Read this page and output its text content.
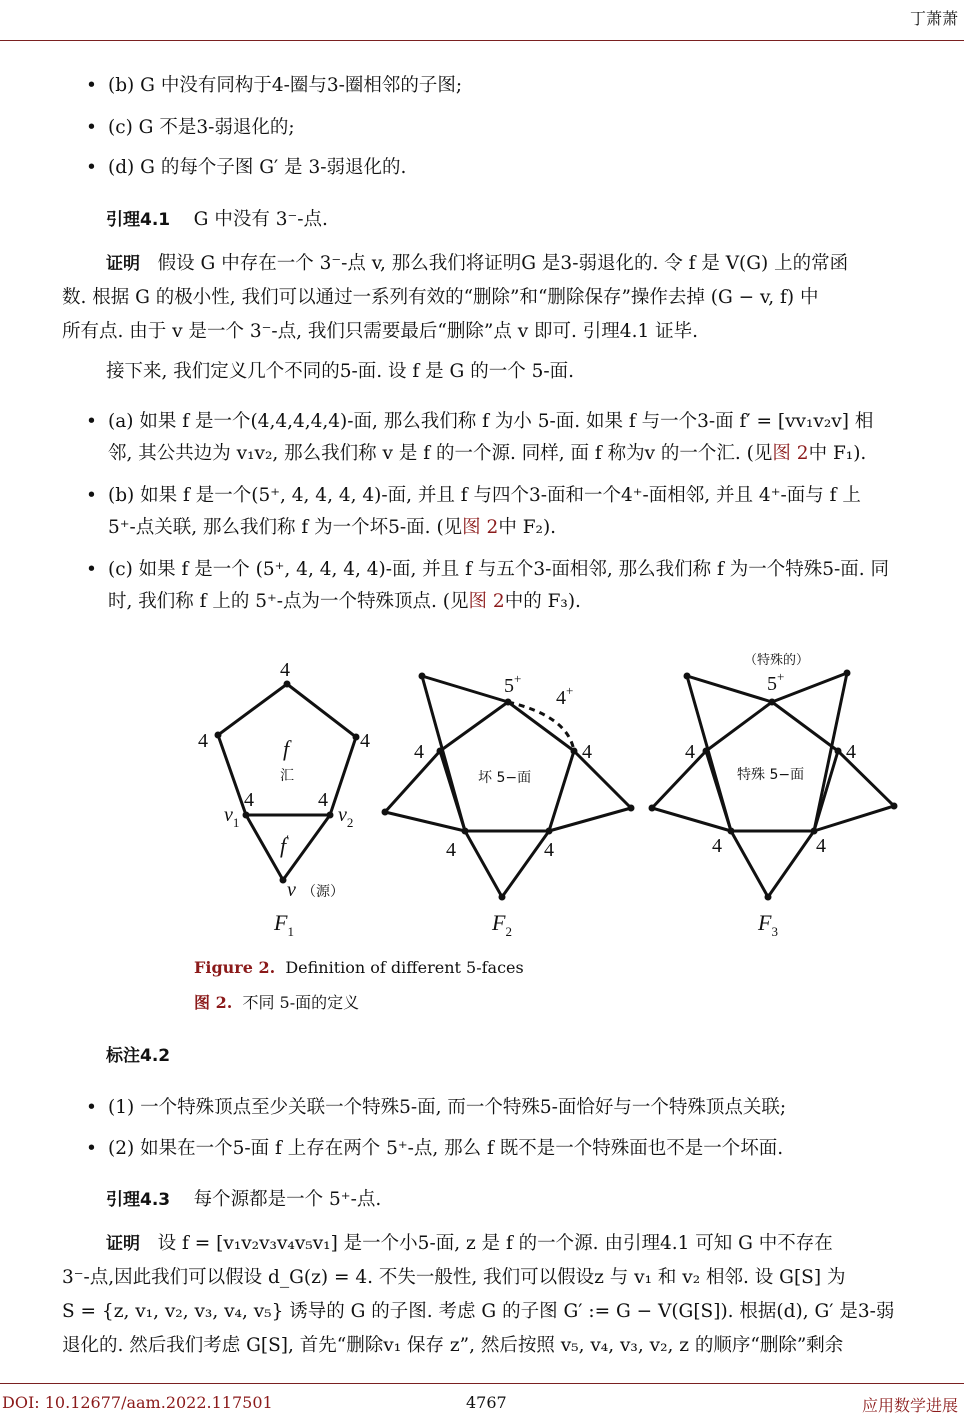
丁萧萧
• (b) G 中没有同构于4-圈与3-圈相邻的子图;
• (c) G 不是3-弱退化的;
• (d) G 的每个子图 G′ 是 3-弱退化的.
引理4.1 G 中没有 3⁻-点.
证明 假设 G 中存在一个 3⁻-点 v, 那么我们将证明G 是3-弱退化的. 令 f 是 V(G) 上的常函
数. 根据 G 的极小性, 我们可以通过一系列有效的“删除”和“删除保存”操作去掉 (G − v, f) 中
所有点. 由于 v 是一个 3⁻-点, 我们只需要最后“删除”点 v 即可. 引理4.1 证毕.
接下来, 我们定义几个不同的5-面. 设 f 是 G 的一个 5-面.
• (a) 如果 f 是一个(4,4,4,4,4)-面, 那么我们称 f 为小 5-面. 如果 f 与一个3-面 f′ = [vv₁v₂v] 相
邻, 其公共边为 v₁v₂, 那么我们称 v 是 f 的一个源. 同样, 面 f 称为v 的一个汇. (见图 2中 F₁).
• (b) 如果 f 是一个(5⁺, 4, 4, 4, 4)-面, 并且 f 与四个3-面和一个4⁺-面相邻, 并且 4⁺-面与 f 上
5⁺-点关联, 那么我们称 f 为一个坏5-面. (见图 2中 F₂).
• (c) 如果 f 是一个 (5⁺, 4, 4, 4, 4)-面, 并且 f 与五个3-面相邻, 那么我们称 f 为一个特殊5-面. 同
时, 我们称 f 上的 5⁺-点为一个特殊顶点. (见图 2中的 F₃).
4
4	4
f
汇
4	4
$v_1$	$v_2$
f′
v （源）
$F_1$
5+
4+
4	4
4	4
坏 5−面
$F_2$
（特殊的）
5+
4	4
4	4
特殊 5−面
$F_3$
Figure 2. Definition of different 5-faces
图 2. 不同 5-面的定义
标注4.2
• (1) 一个特殊顶点至少关联一个特殊5-面, 而一个特殊5-面恰好与一个特殊顶点关联;
• (2) 如果在一个5-面 f 上存在两个 5⁺-点, 那么 f 既不是一个特殊面也不是一个坏面.
引理4.3 每个源都是一个 5⁺-点.
证明 设 f = [v₁v₂v₃v₄v₅v₁] 是一个小5-面, z 是 f 的一个源. 由引理4.1 可知 G 中不存在
3⁻-点,因此我们可以假设 d_G(z) = 4. 不失一般性, 我们可以假设z 与 v₁ 和 v₂ 相邻. 设 G[S] 为
S = {z, v₁, v₂, v₃, v₄, v₅} 诱导的 G 的子图. 考虑 G 的子图 G′ := G − V(G[S]). 根据(d), G′ 是3-弱
退化的. 然后我们考虑 G[S], 首先“删除v₁ 保存 z”, 然后按照 v₅, v₄, v₃, v₂, z 的顺序“删除”剩余
DOI: 10.12677/aam.2022.117501	4767	应用数学进展
